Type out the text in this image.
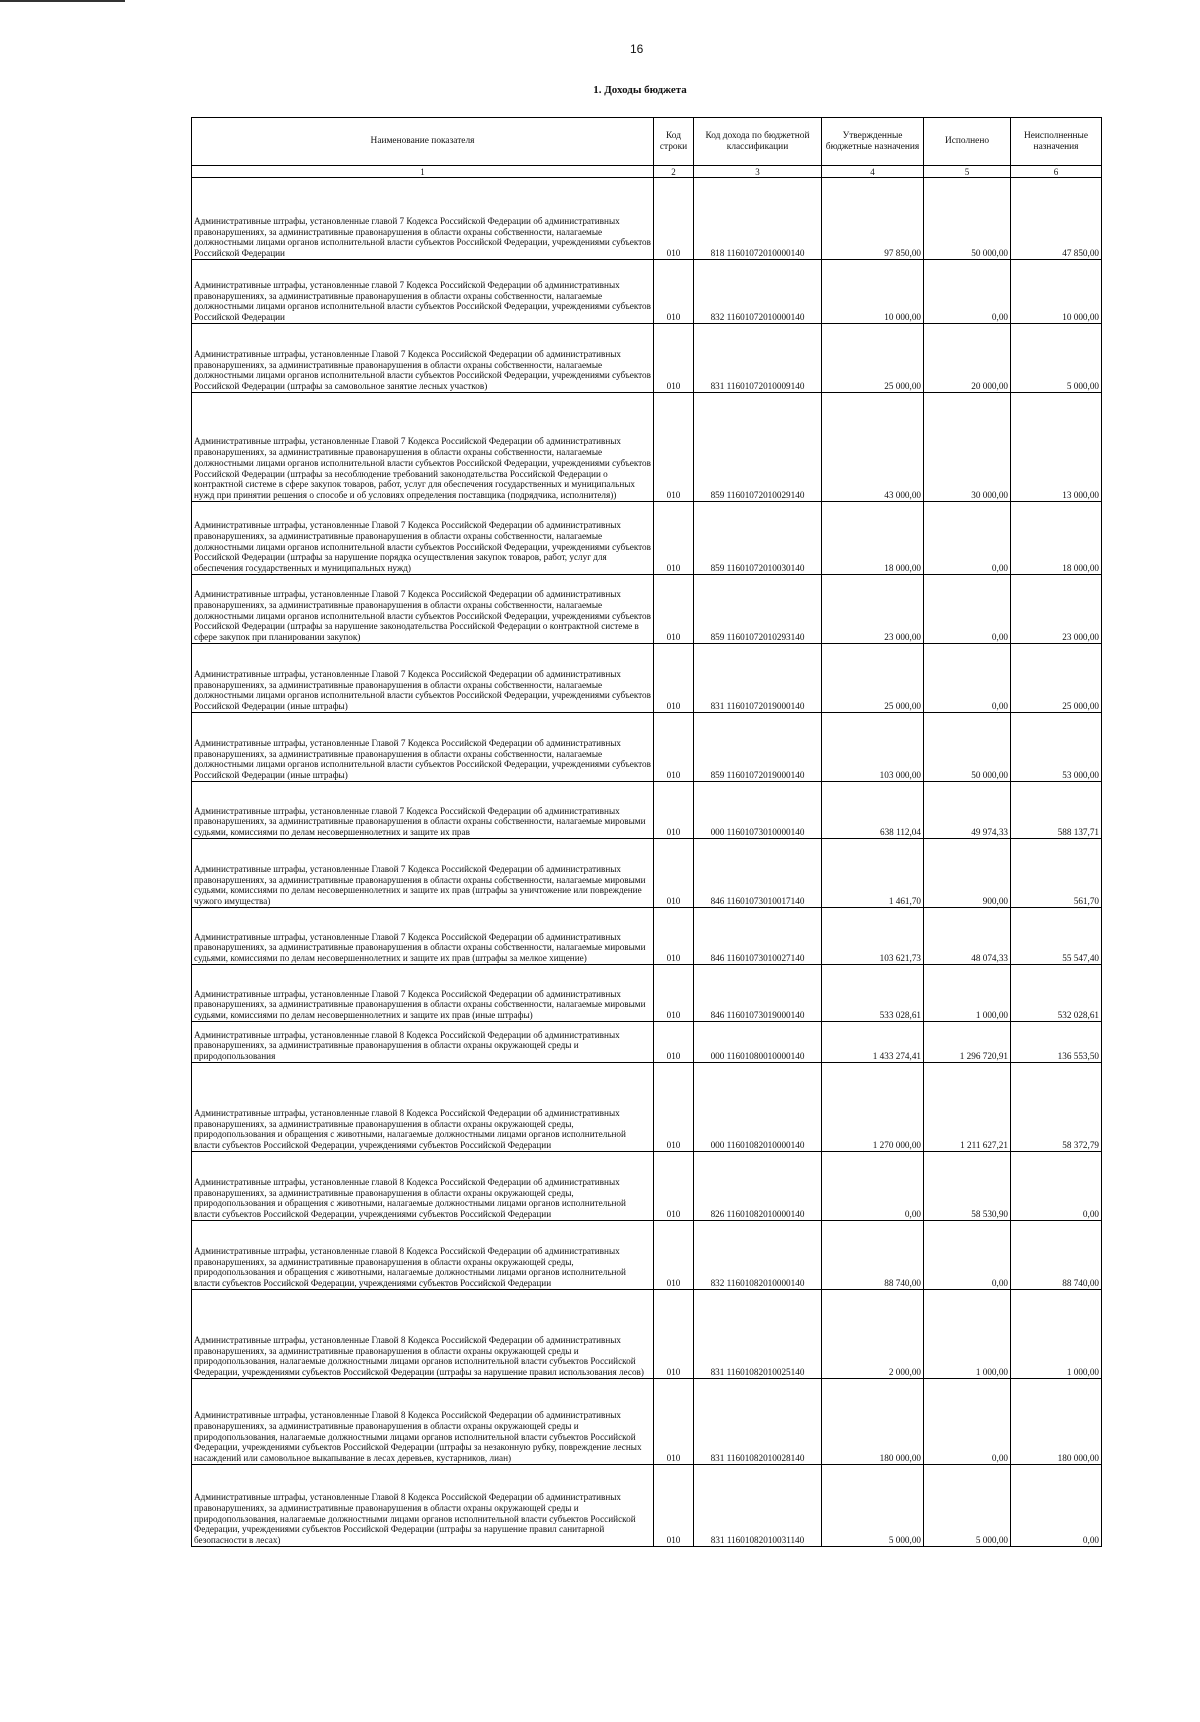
16
1. Доходы бюджета
Наименование показателя	Код строки	Код дохода по бюджетной классификации	Утвержденные бюджетные назначения	Исполнено	Неисполненные назначения
1	2	3	4	5	6
Административные штрафы, установленные главой 7 Кодекса Российской Федерации об административных правонарушениях, за административные правонарушения в области охраны собственности, налагаемые должностными лицами органов исполнительной власти субъектов Российской Федерации, учреждениями субъектов Российской Федерации	010	818 11601072010000140	97 850,00	50 000,00	47 850,00
Административные штрафы, установленные главой 7 Кодекса Российской Федерации об административных правонарушениях, за административные правонарушения в области охраны собственности, налагаемые должностными лицами органов исполнительной власти субъектов Российской Федерации, учреждениями субъектов Российской Федерации	010	832 11601072010000140	10 000,00	0,00	10 000,00
Административные штрафы, установленные Главой 7 Кодекса Российской Федерации об административных правонарушениях, за административные правонарушения в области охраны собственности, налагаемые должностными лицами органов исполнительной власти субъектов Российской Федерации, учреждениями субъектов Российской Федерации (штрафы за самовольное занятие лесных участков)	010	831 11601072010009140	25 000,00	20 000,00	5 000,00
Административные штрафы, установленные Главой 7 Кодекса Российской Федерации об административных правонарушениях, за административные правонарушения в области охраны собственности, налагаемые должностными лицами органов исполнительной власти субъектов Российской Федерации, учреждениями субъектов Российской Федерации (штрафы за несоблюдение требований законодательства Российской Федерации о контрактной системе в сфере закупок товаров, работ, услуг для обеспечения государственных и муниципальных нужд при принятии решения о способе и об условиях определения поставщика (подрядчика, исполнителя))	010	859 11601072010029140	43 000,00	30 000,00	13 000,00
Административные штрафы, установленные Главой 7 Кодекса Российской Федерации об административных правонарушениях, за административные правонарушения в области охраны собственности, налагаемые должностными лицами органов исполнительной власти субъектов Российской Федерации, учреждениями субъектов Российской Федерации (штрафы за нарушение порядка осуществления закупок товаров, работ, услуг для обеспечения государственных и муниципальных нужд)	010	859 11601072010030140	18 000,00	0,00	18 000,00
Административные штрафы, установленные Главой 7 Кодекса Российской Федерации об административных правонарушениях, за административные правонарушения в области охраны собственности, налагаемые должностными лицами органов исполнительной власти субъектов Российской Федерации, учреждениями субъектов Российской Федерации (штрафы за нарушение законодательства Российской Федерации о контрактной системе в сфере закупок при планировании закупок)	010	859 11601072010293140	23 000,00	0,00	23 000,00
Административные штрафы, установленные Главой 7 Кодекса Российской Федерации об административных правонарушениях, за административные правонарушения в области охраны собственности, налагаемые должностными лицами органов исполнительной власти субъектов Российской Федерации, учреждениями субъектов Российской Федерации (иные штрафы)	010	831 11601072019000140	25 000,00	0,00	25 000,00
Административные штрафы, установленные Главой 7 Кодекса Российской Федерации об административных правонарушениях, за административные правонарушения в области охраны собственности, налагаемые должностными лицами органов исполнительной власти субъектов Российской Федерации, учреждениями субъектов Российской Федерации (иные штрафы)	010	859 11601072019000140	103 000,00	50 000,00	53 000,00
Административные штрафы, установленные главой 7 Кодекса Российской Федерации об административных правонарушениях, за административные правонарушения в области охраны собственности, налагаемые мировыми судьями, комиссиями по делам несовершеннолетних и защите их прав	010	000 11601073010000140	638 112,04	49 974,33	588 137,71
Административные штрафы, установленные Главой 7 Кодекса Российской Федерации об административных правонарушениях, за административные правонарушения в области охраны собственности, налагаемые мировыми судьями, комиссиями по делам несовершеннолетних и защите их прав (штрафы за уничтожение или повреждение чужого имущества)	010	846 11601073010017140	1 461,70	900,00	561,70
Административные штрафы, установленные Главой 7 Кодекса Российской Федерации об административных правонарушениях, за административные правонарушения в области охраны собственности, налагаемые мировыми судьями, комиссиями по делам несовершеннолетних и защите их прав (штрафы за мелкое хищение)	010	846 11601073010027140	103 621,73	48 074,33	55 547,40
Административные штрафы, установленные Главой 7 Кодекса Российской Федерации об административных правонарушениях, за административные правонарушения в области охраны собственности, налагаемые мировыми судьями, комиссиями по делам несовершеннолетних и защите их прав (иные штрафы)	010	846 11601073019000140	533 028,61	1 000,00	532 028,61
Административные штрафы, установленные главой 8 Кодекса Российской Федерации об административных правонарушениях, за административные правонарушения в области охраны окружающей среды и природопользования	010	000 11601080010000140	1 433 274,41	1 296 720,91	136 553,50
Административные штрафы, установленные главой 8 Кодекса Российской Федерации об административных правонарушениях, за административные правонарушения в области охраны окружающей среды, природопользования и обращения с животными, налагаемые должностными лицами органов исполнительной власти субъектов Российской Федерации, учреждениями субъектов Российской Федерации	010	000 11601082010000140	1 270 000,00	1 211 627,21	58 372,79
Административные штрафы, установленные главой 8 Кодекса Российской Федерации об административных правонарушениях, за административные правонарушения в области охраны окружающей среды, природопользования и обращения с животными, налагаемые должностными лицами органов исполнительной власти субъектов Российской Федерации, учреждениями субъектов Российской Федерации	010	826 11601082010000140	0,00	58 530,90	0,00
Административные штрафы, установленные главой 8 Кодекса Российской Федерации об административных правонарушениях, за административные правонарушения в области охраны окружающей среды, природопользования и обращения с животными, налагаемые должностными лицами органов исполнительной власти субъектов Российской Федерации, учреждениями субъектов Российской Федерации	010	832 11601082010000140	88 740,00	0,00	88 740,00
Административные штрафы, установленные Главой 8 Кодекса Российской Федерации об административных правонарушениях, за административные правонарушения в области охраны окружающей среды и природопользования, налагаемые должностными лицами органов исполнительной власти субъектов Российской Федерации, учреждениями субъектов Российской Федерации (штрафы за нарушение правил использования лесов)	010	831 11601082010025140	2 000,00	1 000,00	1 000,00
Административные штрафы, установленные Главой 8 Кодекса Российской Федерации об административных правонарушениях, за административные правонарушения в области охраны окружающей среды и природопользования, налагаемые должностными лицами органов исполнительной власти субъектов Российской Федерации, учреждениями субъектов Российской Федерации (штрафы за незаконную рубку, повреждение лесных насаждений или самовольное выкапывание в лесах деревьев, кустарников, лиан)	010	831 11601082010028140	180 000,00	0,00	180 000,00
Административные штрафы, установленные Главой 8 Кодекса Российской Федерации об административных правонарушениях, за административные правонарушения в области охраны окружающей среды и природопользования, налагаемые должностными лицами органов исполнительной власти субъектов Российской Федерации, учреждениями субъектов Российской Федерации (штрафы за нарушение правил санитарной безопасности в лесах)	010	831 11601082010031140	5 000,00	5 000,00	0,00
